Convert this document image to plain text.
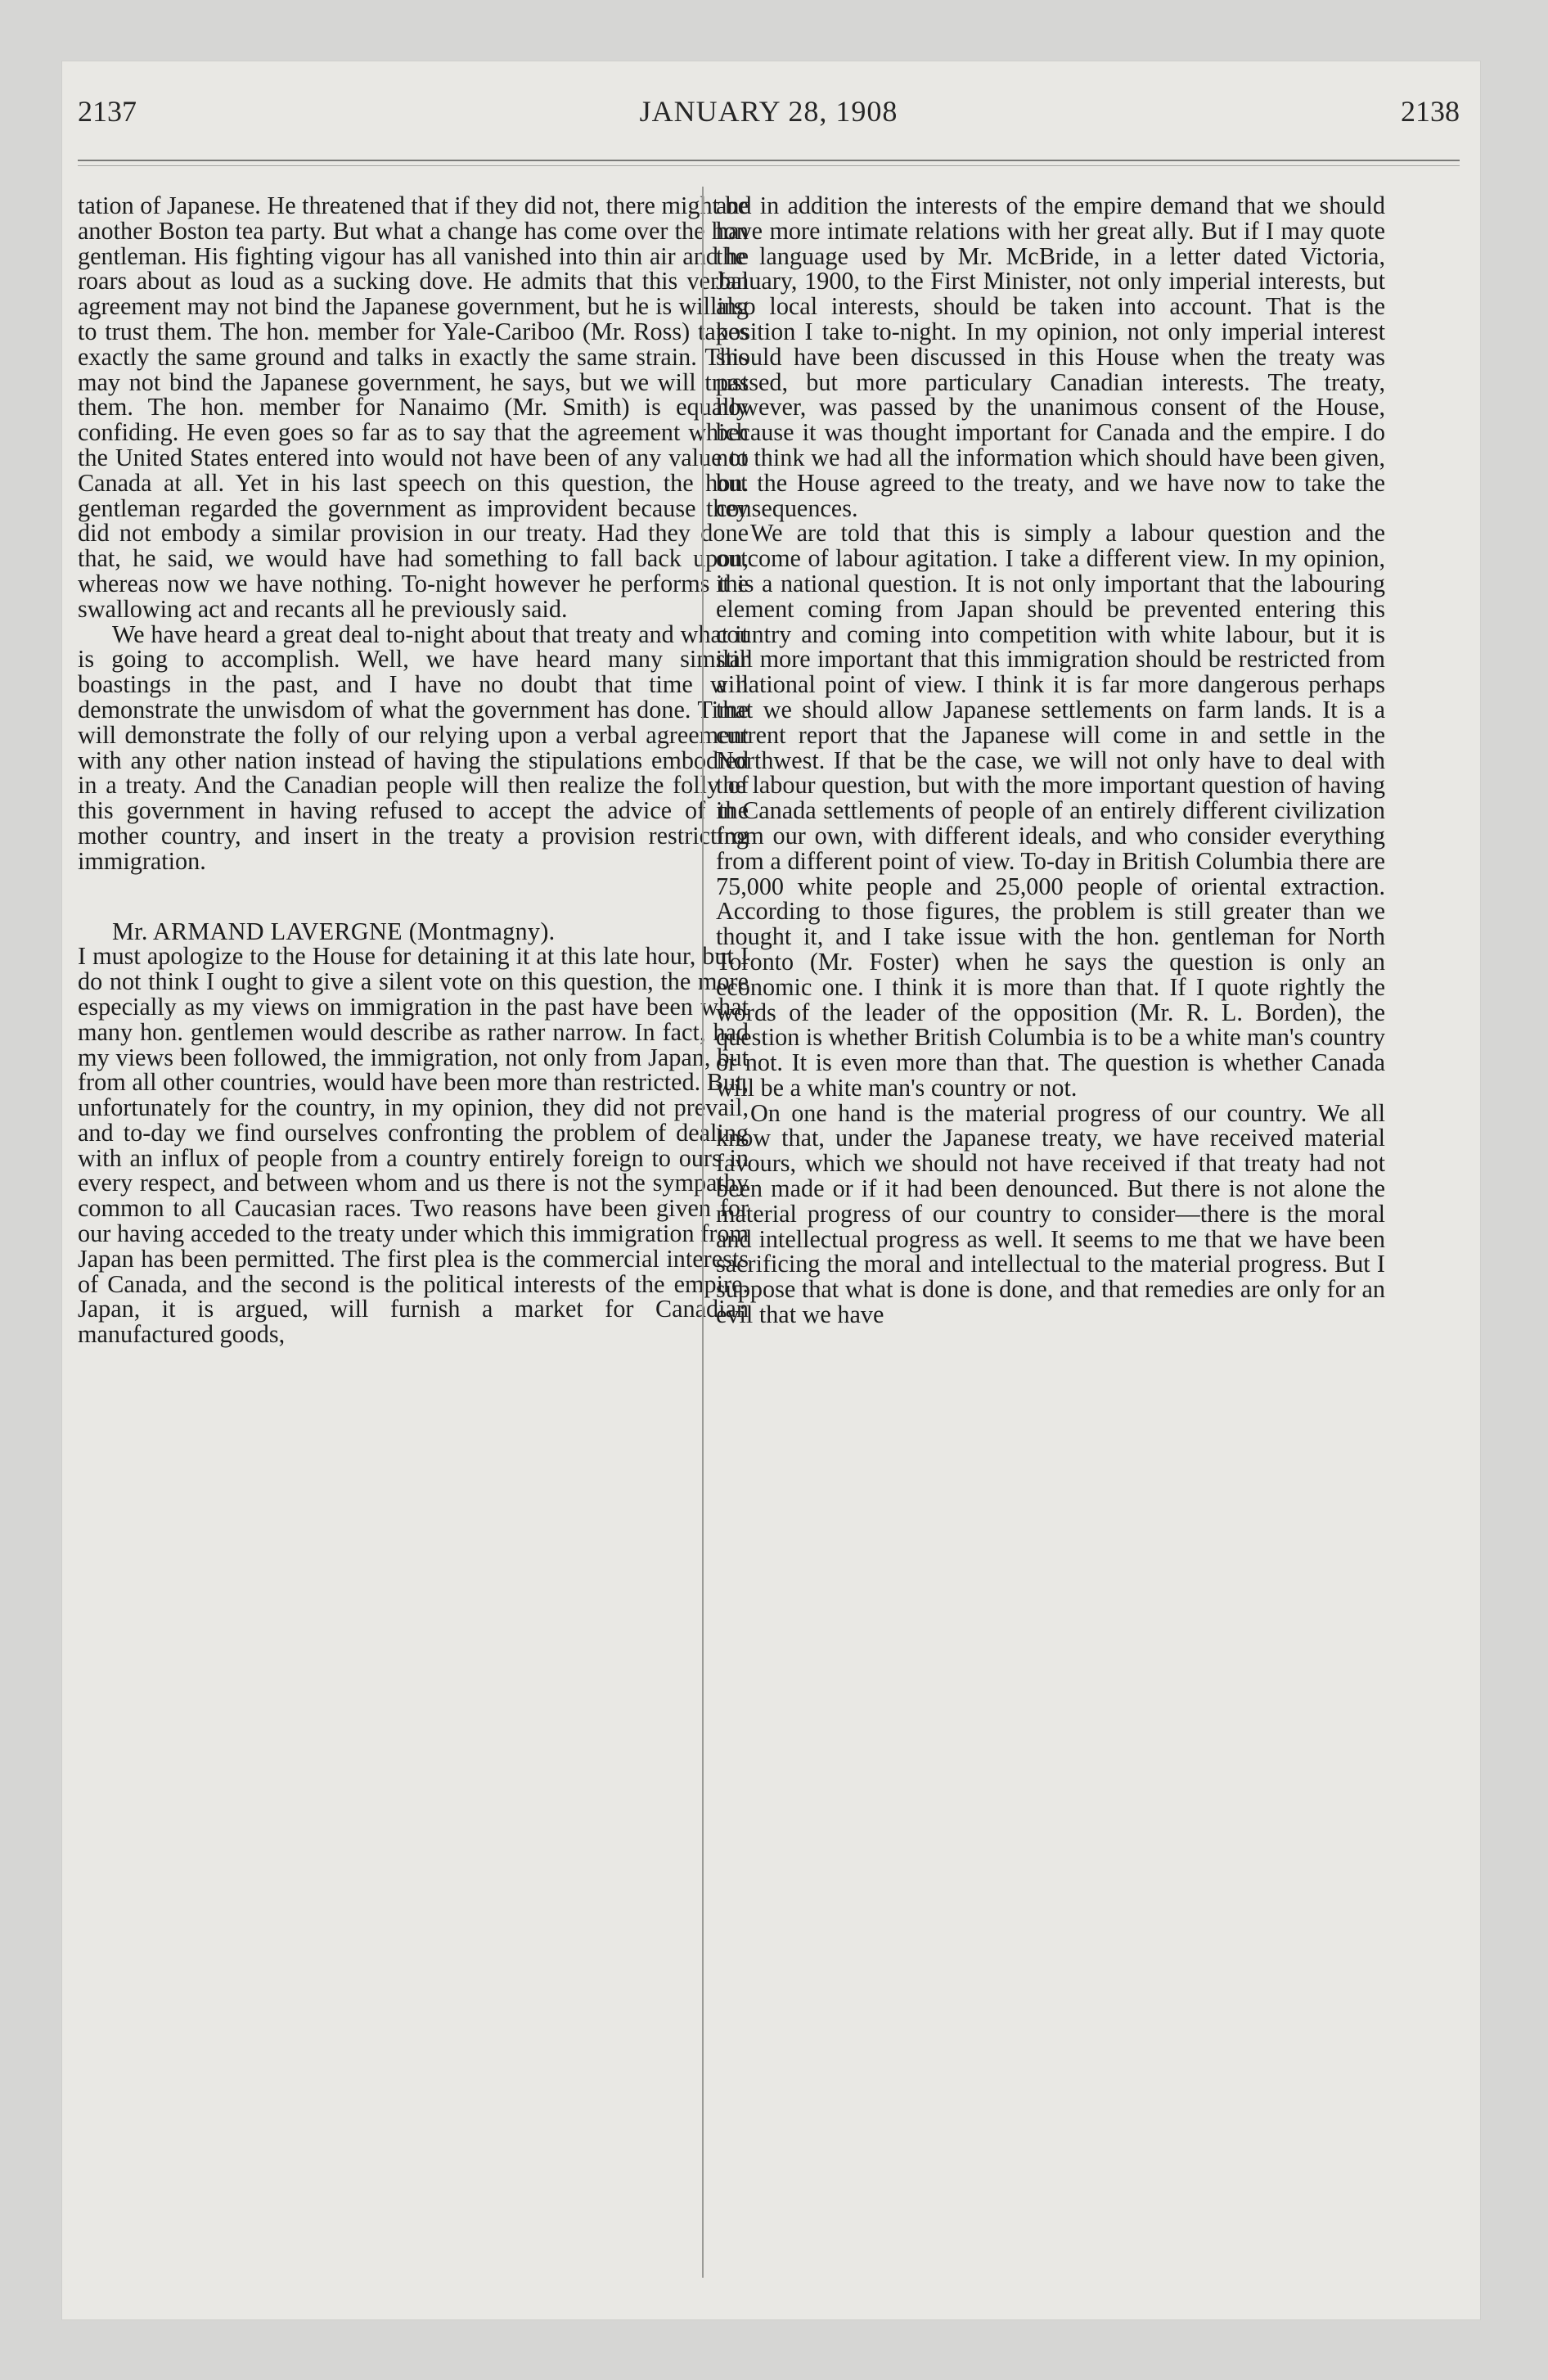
2137	JANUARY 28, 1908	2138

tation of Japanese. He threatened that if they did not, there might be another Boston tea party. But what a change has come over the hon gentleman. His fighting vigour has all vanished into thin air and he roars about as loud as a sucking dove. He admits that this verbal agreement may not bind the Japanese government, but he is willing to trust them. The hon. member for Yale-Cariboo (Mr. Ross) takes exactly the same ground and talks in exactly the same strain. This may not bind the Japanese government, he says, but we will trust them. The hon. member for Nanaimo (Mr. Smith) is equally confiding. He even goes so far as to say that the agreement which the United States entered into would not have been of any value to Canada at all. Yet in his last speech on this question, the hon. gentleman regarded the government as improvident because they did not embody a similar provision in our treaty. Had they done that, he said, we would have had something to fall back upon, whereas now we have nothing. To-night however he performs the swallowing act and recants all he previously said.

We have heard a great deal to-night about that treaty and what it is going to accomplish. Well, we have heard many similar boastings in the past, and I have no doubt that time will demonstrate the unwisdom of what the government has done. Time will demonstrate the folly of our relying upon a verbal agreement with any other nation instead of having the stipulations embodied in a treaty. And the Canadian people will then realize the folly of this government in having refused to accept the advice of the mother country, and insert in the treaty a provision restricting immigration.

Mr. ARMAND LAVERGNE (Montmagny).

I must apologize to the House for detaining it at this late hour, but I do not think I ought to give a silent vote on this question, the more especially as my views on immigration in the past have been what many hon. gentlemen would describe as rather narrow. In fact, had my views been followed, the immigration, not only from Japan, but from all other countries, would have been more than restricted. But, unfortunately for the country, in my opinion, they did not prevail, and to-day we find ourselves confronting the problem of dealing with an influx of people from a country entirely foreign to ours in every respect, and between whom and us there is not the sympathy common to all Caucasian races. Two reasons have been given for our having acceded to the treaty under which this immigration from Japan has been permitted. The first plea is the commercial interests of Canada, and the second is the political interests of the empire. Japan, it is argued, will furnish a market for Canadian manufactured goods,

and in addition the interests of the empire demand that we should have more intimate relations with her great ally. But if I may quote the language used by Mr. McBride, in a letter dated Victoria, January, 1900, to the First Minister, not only imperial interests, but also local interests, should be taken into account. That is the position I take to-night. In my opinion, not only imperial interest should have been discussed in this House when the treaty was passed, but more particulary Canadian interests. The treaty, however, was passed by the unanimous consent of the House, because it was thought important for Canada and the empire. I do not think we had all the information which should have been given, but the House agreed to the treaty, and we have now to take the consequences.

We are told that this is simply a labour question and the outcome of labour agitation. I take a different view. In my opinion, it is a national question. It is not only important that the labouring element coming from Japan should be prevented entering this country and coming into competition with white labour, but it is still more important that this immigration should be restricted from a national point of view. I think it is far more dangerous perhaps that we should allow Japanese settlements on farm lands. It is a current report that the Japanese will come in and settle in the Northwest. If that be the case, we will not only have to deal with the labour question, but with the more important question of having in Canada settlements of people of an entirely different civilization from our own, with different ideals, and who consider everything from a different point of view. To-day in British Columbia there are 75,000 white people and 25,000 people of oriental extraction. According to those figures, the problem is still greater than we thought it, and I take issue with the hon. gentleman for North Toronto (Mr. Foster) when he says the question is only an economic one. I think it is more than that. If I quote rightly the words of the leader of the opposition (Mr. R. L. Borden), the question is whether British Columbia is to be a white man's country or not. It is even more than that. The question is whether Canada will be a white man's country or not.

On one hand is the material progress of our country. We all know that, under the Japanese treaty, we have received material favours, which we should not have received if that treaty had not been made or if it had been denounced. But there is not alone the material progress of our country to consider—there is the moral and intellectual progress as well. It seems to me that we have been sacrificing the moral and intellectual to the material progress. But I suppose that what is done is done, and that remedies are only for an evil that we have
